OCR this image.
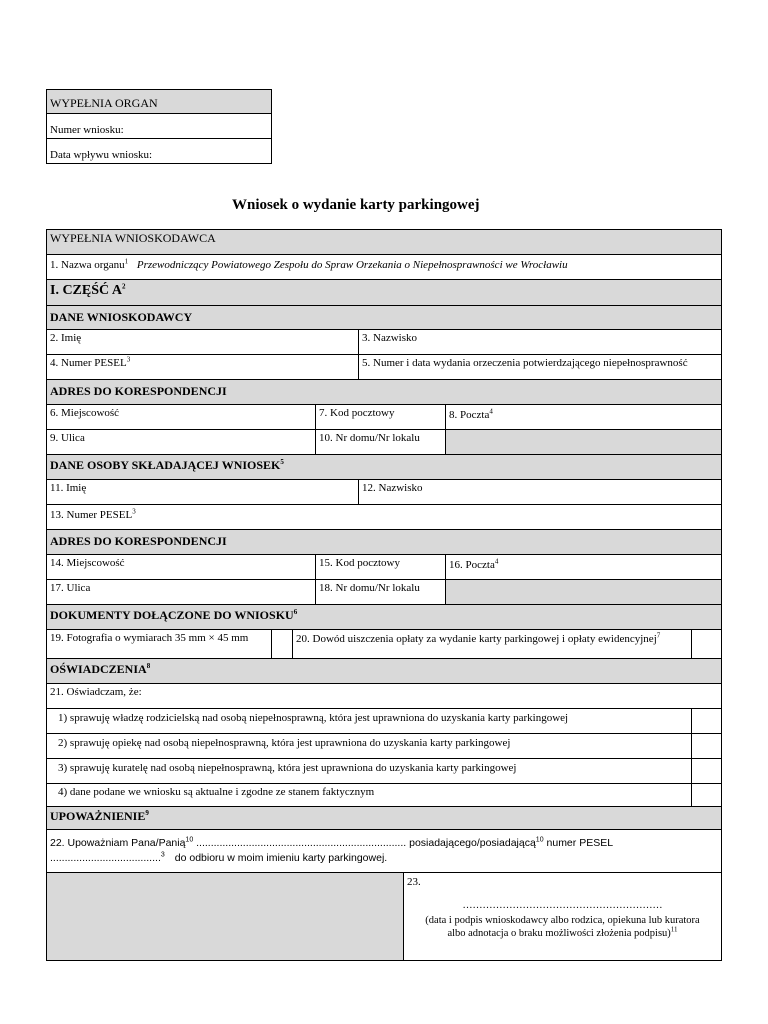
WYPEŁNIA ORGAN
Numer wniosku:
Data wpływu wniosku:
Wniosek o wydanie karty parkingowej
WYPEŁNIA WNIOSKODAWCA
1. Nazwa organu$^1$ Przewodniczący Powiatowego Zespołu do Spraw Orzekania o Niepełnosprawności we Wrocławiu
I. CZĘŚĆ $A^2$
DANE WNIOSKODAWCY
2. Imię	3. Nazwisko
4. Numer PESEL$^3$	5. Numer i data wydania orzeczenia potwierdzającego niepełnosprawność
ADRES DO KORESPONDENCJI
6. Miejscowość	7. Kod pocztowy	8. Poczta$^4$
9. Ulica	10. Nr domu/Nr lokalu
DANE OSOBY SKŁADAJĄCEJ WNIOSEK$^5$
11. Imię	12. Nazwisko
13. Numer PESEL$^3$
ADRES DO KORESPONDENCJI
14. Miejscowość	15. Kod pocztowy	16. Poczta$^4$
17. Ulica	18. Nr domu/Nr lokalu
DOKUMENTY DOŁĄCZONE DO WNIOSKU$^6$
19. Fotografia o wymiarach 35 mm × 45 mm	20. Dowód uiszczenia opłaty za wydanie karty parkingowej i opłaty ewidencyjnej$^7$
OŚWIADCZENIA$^8$
21. Oświadczam, że:
1) sprawuję władzę rodzicielską nad osobą niepełnosprawną, która jest uprawniona do uzyskania karty parkingowej
2) sprawuję opiekę nad osobą niepełnosprawną, która jest uprawniona do uzyskania karty parkingowej
3) sprawuję kuratelę nad osobą niepełnosprawną, która jest uprawniona do uzyskania karty parkingowej
4) dane podane we wniosku są aktualne i zgodne ze stanem faktycznym
UPOWAŻNIENIE$^9$
22. Upoważniam Pana/Panią$^{10}$ ........................................................................ posiadającego/posiadającą$^{10}$ numer PESEL
......................................$^3$ do odbioru w moim imieniu karty parkingowej.
23.
……………………………………………………
(data i podpis wnioskodawcy albo rodzica, opiekuna lub kuratora
albo adnotacja o braku możliwości złożenia podpisu)$^{11}$
